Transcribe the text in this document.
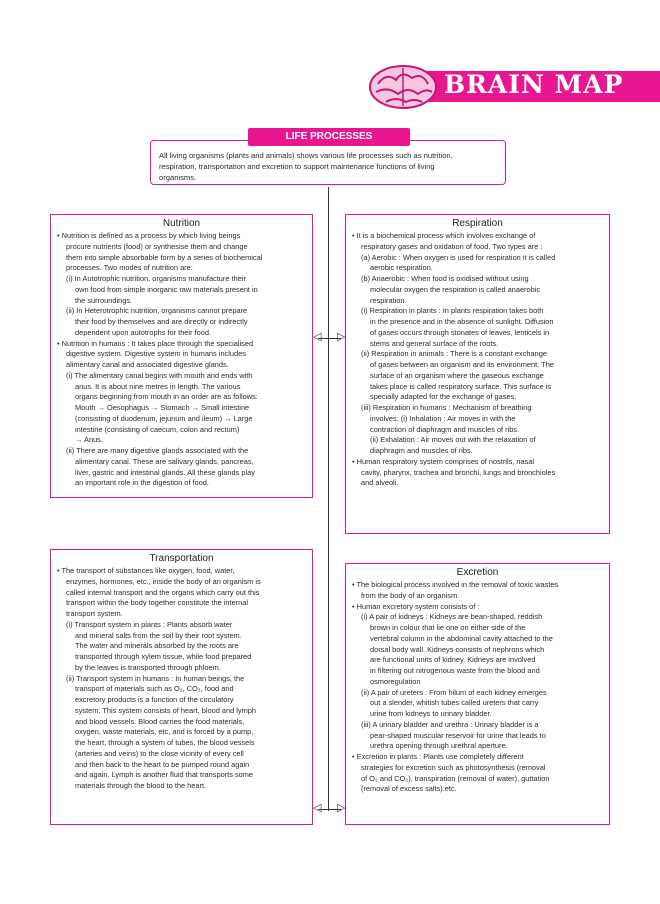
BRAIN MAP
◁ ▷
◁ ▷
All living organisms (plants and animals) shows various life processes such as nutrition,
respiration, transportation and excretion to support maintenance functions of living
organisms.
LIFE PROCESSES
Nutrition
• Nutrition is defined as a process by which living beings
procure nutrients (food) or synthesise them and change
them into simple absorbable form by a series of biochemical
processes. Two modes of nutrition are:
(i) In Autotrophic nutrition, organisms manufacture their
own food from simple inorganic raw materials present in
the surroundings.
(ii) In Heterotrophic nutrition, organisms cannot prepare
their food by themselves and are directly or indirectly
dependent upon autotrophs for their food.
• Nutrition in humans : It takes place through the specialised
digestive system. Digestive system in humans includes
alimentary canal and associated digestive glands.
(i) The alimentary canal begins with mouth and ends with
anus. It is about nine metres in length. The various
organs beginning from mouth in an order are as follows:
Mouth → Oesophagus → Stomach → Small intestine
(consisting of duodenum, jejunum and ileum) → Large
intestine (consisting of caecum, colon and rectum)
→ Anus.
(ii) There are many digestive glands associated with the
alimentary canal. These are salivary glands, pancreas,
liver, gastric and intestinal glands. All these glands play
an important role in the digestion of food.
Respiration
• It is a biochemical process which involves exchange of
respiratory gases and oxidation of food. Two types are :
(a) Aerobic : When oxygen is used for respiration it is called
aerobic respiration.
(b) Anaerobic : When food is oxidised without using
molecular oxygen the respiration is called anaerobic
respiration.
(i) Respiration in plants : In plants respiration takes both
in the presence and in the absence of sunlight. Diffusion
of gases occurs through stonates of leaves, lenticels in
stems and general surface of the roots.
(ii) Respiration in animals : There is a constant exchange
of gases between an organism and its environment. The
surface of an organism where the gaseous exchange
takes place is called respiratory surface. This surface is
specially adapted for the exchange of gases.
(iii) Respiration in humans : Mechanism of breathing
involves: (i) Inhalation : Air moves in with the
contraction of diaphragm and muscles of ribs.
(ii) Exhalation : Air moves out with the relaxation of
diaphragm and muscles of ribs.
• Human respiratory system comprises of nostrils, nasal
cavity, pharynx, trachea and bronchi, lungs and bronchioles
and alveoli.
Transportation
• The transport of substances like oxygen, food, water,
enzymes, hormones, etc., inside the body of an organism is
called internal transport and the organs which carry out this
transport within the body together constitute the internal
transport system.
(i) Transport system in plants : Plants absorb water
and mineral salts from the soil by their root system.
The water and minerals absorbed by the roots are
transported through xylem tissue, while food prepared
by the leaves is transported through phloem.
(ii) Transport system in humans : In human beings, the
transport of materials such as O₂, CO₂, food and
excretory products is a function of the circulatory
system. This system consists of heart, blood and lymph
and blood vessels. Blood carries the food materials,
oxygen, waste materials, etc, and is forced by a pump,
the heart, through a system of tubes, the blood vessels
(arteries and veins) to the close vicinity of every cell
and then back to the heart to be pumped round again
and again. Lymph is another fluid that transports some
materials through the blood to the heart.
Excretion
• The biological process involved in the removal of toxic wastes
from the body of an organism.
• Human excretory system consists of :
(i) A pair of kidneys : Kidneys are bean-shaped, reddish
brown in colour that lie one on either side of the
vertebral column in the abdominal cavity attached to the
dorsal body wall. Kidneys consists of nephrons which
are functional units of kidney. Kidneys are involved
in filtering out nitrogenous waste from the blood and
osmoregulation
(ii) A pair of ureters : From hilum of each kidney emerges
out a slender, whitish tubes called ureters that carry
urine from kidneys to urinary bladder.
(iii) A urinary bladder and urethra : Urinary bladder is a
pear-shaped muscular reservoir for urine that leads to
urethra opening through urethral aperture.
• Excretion in plants : Plants use completely different
strategies for excretion such as photosynthesis (removal
of O₂ and CO₂), transpiration (removal of water), guttation
(removal of excess salts).etc.
